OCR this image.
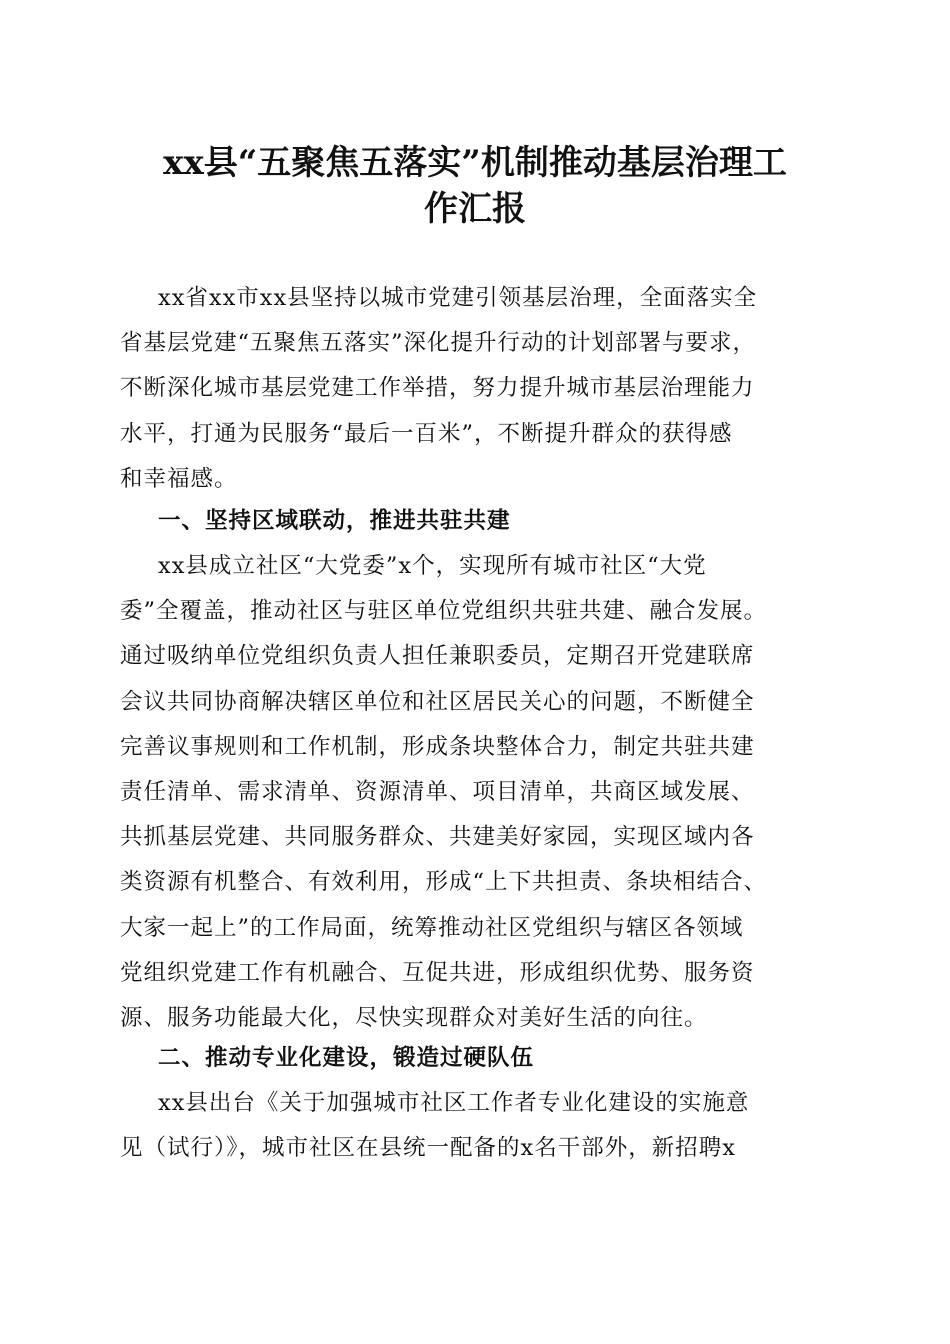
xx县“五聚焦五落实”机制推动基层治理工
作汇报
xx省xx市xx县坚持以城市党建引领基层治理，全面落实全
省基层党建“五聚焦五落实”深化提升行动的计划部署与要求，
不断深化城市基层党建工作举措，努力提升城市基层治理能力
水平，打通为民服务“最后一百米”，不断提升群众的获得感
和幸福感。
一、坚持区域联动，推进共驻共建
xx县成立社区“大党委”x个，实现所有城市社区“大党
委”全覆盖，推动社区与驻区单位党组织共驻共建、融合发展。
通过吸纳单位党组织负责人担任兼职委员，定期召开党建联席
会议共同协商解决辖区单位和社区居民关心的问题，不断健全
完善议事规则和工作机制，形成条块整体合力，制定共驻共建
责任清单、需求清单、资源清单、项目清单，共商区域发展、
共抓基层党建、共同服务群众、共建美好家园，实现区域内各
类资源有机整合、有效利用，形成“上下共担责、条块相结合、
大家一起上”的工作局面，统筹推动社区党组织与辖区各领域
党组织党建工作有机融合、互促共进，形成组织优势、服务资
源、服务功能最大化，尽快实现群众对美好生活的向往。
二、推动专业化建设，锻造过硬队伍
xx县出台《关于加强城市社区工作者专业化建设的实施意
见（试行）》，城市社区在县统一配备的x名干部外，新招聘x
